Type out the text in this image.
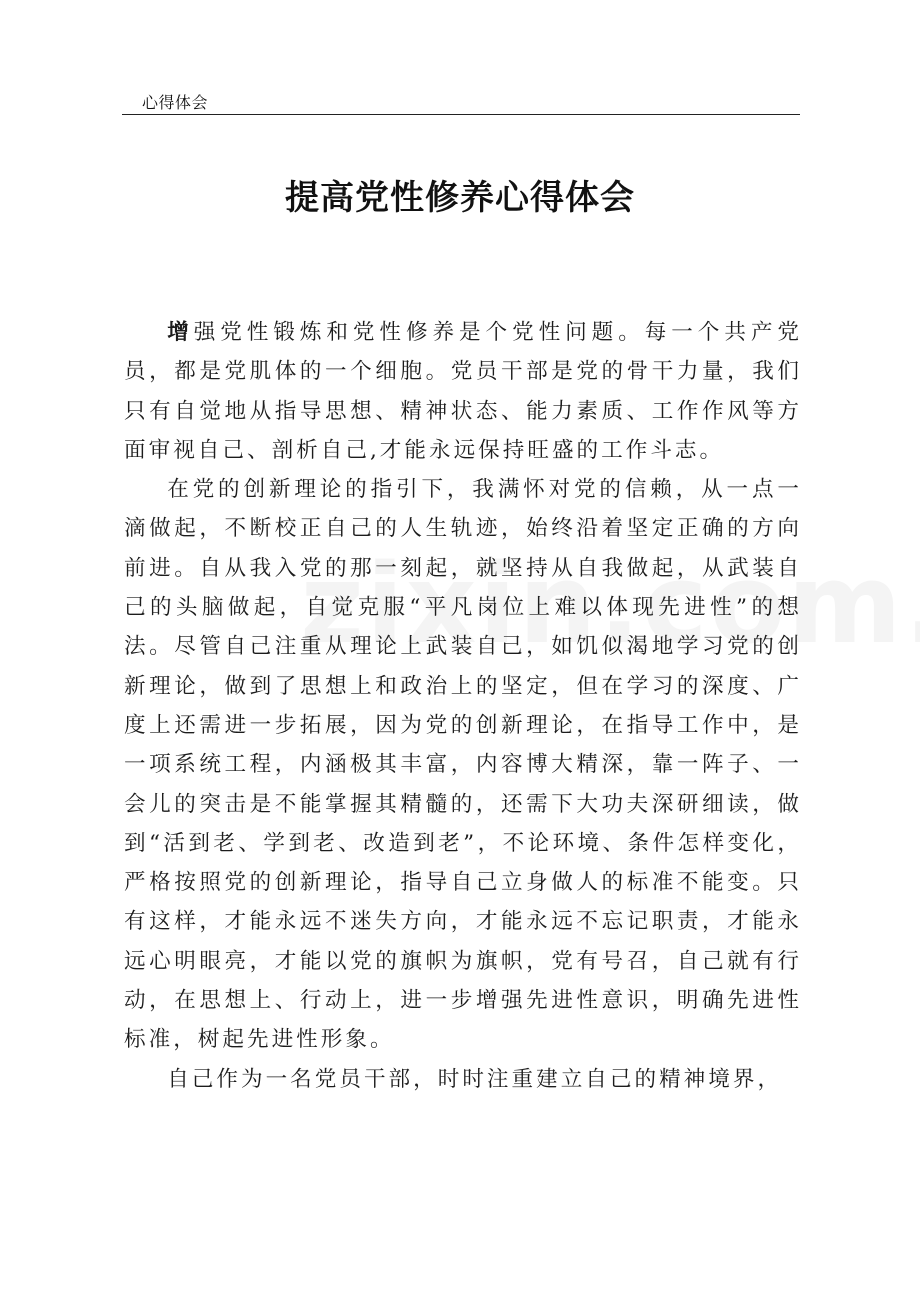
心得体会
提高党性修养心得体会

增强党性锻炼和党性修养是个党性问题。每一个共产党员，都是党肌体的一个细胞。党员干部是党的骨干力量，我们只有自觉地从指导思想、精神状态、能力素质、工作作风等方面审视自己、剖析自己,才能永远保持旺盛的工作斗志。

在党的创新理论的指引下，我满怀对党的信赖，从一点一滴做起，不断校正自己的人生轨迹，始终沿着坚定正确的方向前进。自从我入党的那一刻起，就坚持从自我做起，从武装自己的头脑做起，自觉克服“平凡岗位上难以体现先进性”的想法。尽管自己注重从理论上武装自己，如饥似渴地学习党的创新理论，做到了思想上和政治上的坚定，但在学习的深度、广度上还需进一步拓展，因为党的创新理论，在指导工作中，是一项系统工程，内涵极其丰富，内容博大精深，靠一阵子、一会儿的突击是不能掌握其精髓的，还需下大功夫深研细读，做到“活到老、学到老、改造到老”，不论环境、条件怎样变化，严格按照党的创新理论，指导自己立身做人的标准不能变。只有这样，才能永远不迷失方向，才能永远不忘记职责，才能永远心明眼亮，才能以党的旗帜为旗帜，党有号召，自己就有行动，在思想上、行动上，进一步增强先进性意识，明确先进性标准，树起先进性形象。

自己作为一名党员干部，时时注重建立自己的精神境界，
